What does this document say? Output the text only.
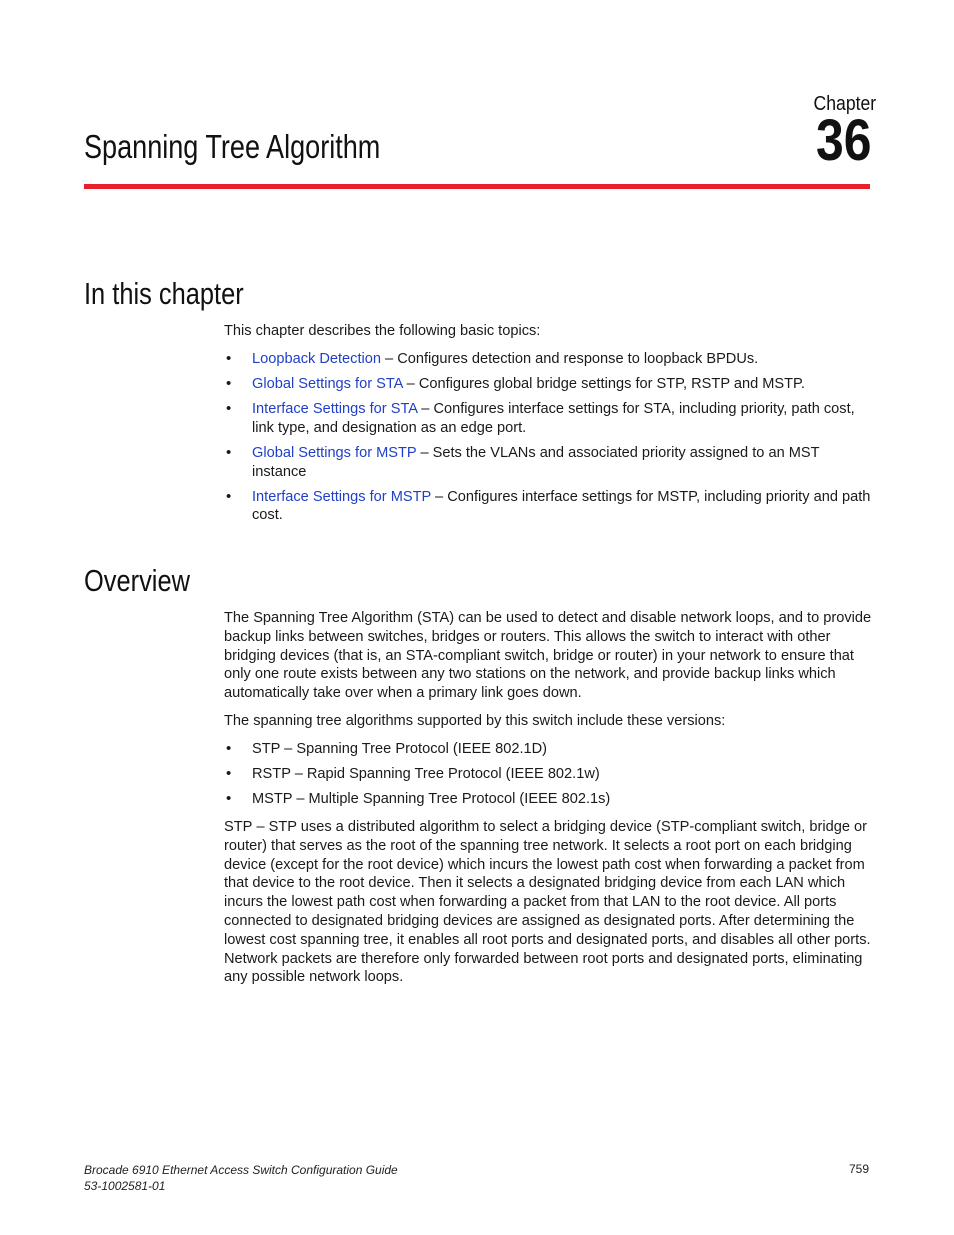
Chapter
36
Spanning Tree Algorithm
In this chapter
This chapter describes the following basic topics:
• Loopback Detection – Configures detection and response to loopback BPDUs.
• Global Settings for STA – Configures global bridge settings for STP, RSTP and MSTP.
• Interface Settings for STA – Configures interface settings for STA, including priority, path cost, link type, and designation as an edge port.
• Global Settings for MSTP – Sets the VLANs and associated priority assigned to an MST instance
• Interface Settings for MSTP – Configures interface settings for MSTP, including priority and path cost.
Overview
The Spanning Tree Algorithm (STA) can be used to detect and disable network loops, and to provide backup links between switches, bridges or routers. This allows the switch to interact with other bridging devices (that is, an STA-compliant switch, bridge or router) in your network to ensure that only one route exists between any two stations on the network, and provide backup links which automatically take over when a primary link goes down.
The spanning tree algorithms supported by this switch include these versions:
• STP – Spanning Tree Protocol (IEEE 802.1D)
• RSTP – Rapid Spanning Tree Protocol (IEEE 802.1w)
• MSTP – Multiple Spanning Tree Protocol (IEEE 802.1s)
STP – STP uses a distributed algorithm to select a bridging device (STP-compliant switch, bridge or router) that serves as the root of the spanning tree network. It selects a root port on each bridging device (except for the root device) which incurs the lowest path cost when forwarding a packet from that device to the root device. Then it selects a designated bridging device from each LAN which incurs the lowest path cost when forwarding a packet from that LAN to the root device. All ports connected to designated bridging devices are assigned as designated ports. After determining the lowest cost spanning tree, it enables all root ports and designated ports, and disables all other ports. Network packets are therefore only forwarded between root ports and designated ports, eliminating any possible network loops.
Brocade 6910 Ethernet Access Switch Configuration Guide
53-1002581-01
759
